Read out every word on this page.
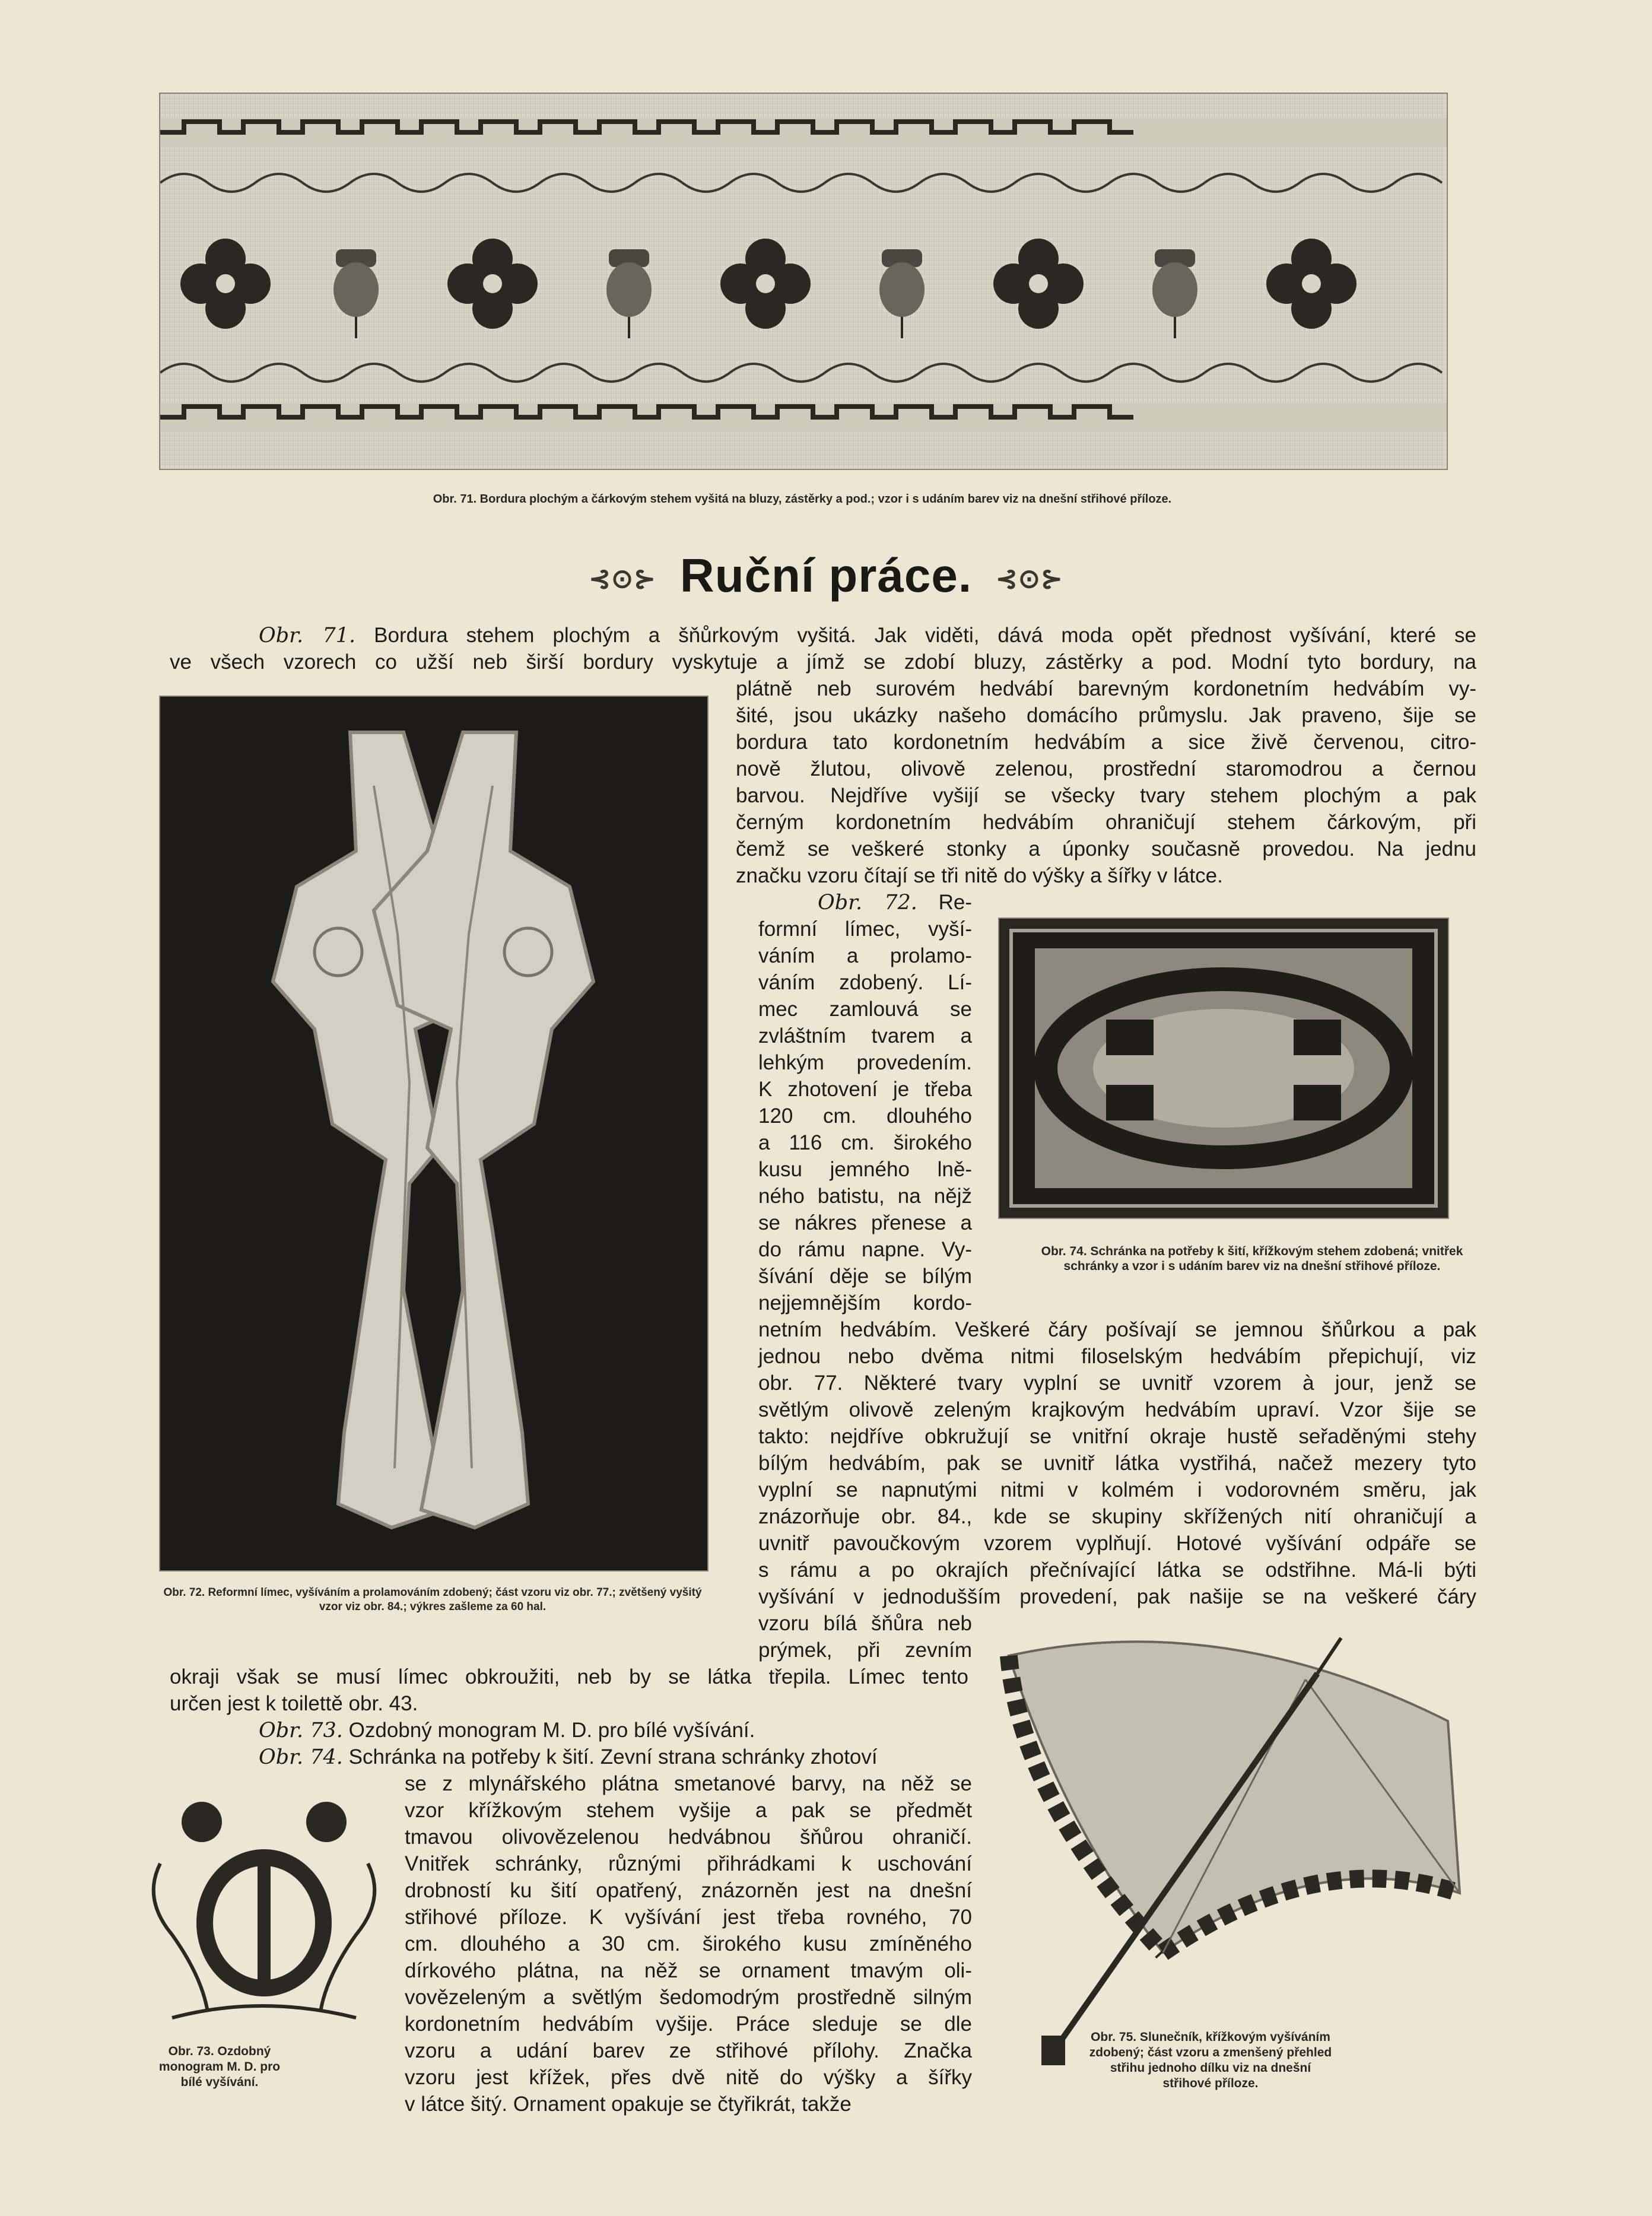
Obr. 71. Bordura plochým a čárkovým stehem vyšitá na bluzy, zástěrky a pod.; vzor i s udáním barev viz na dnešní střihové příloze.
⊰⊙⊱ Ruční práce. ⊰⊙⊱
Obr. 71. Bordura stehem plochým a šňůrkovým vyšitá. Jak viděti, dává moda opět přednost vyšívání, které se
ve všech vzorech co užší neb širší bordury vyskytuje a jímž se zdobí bluzy, zástěrky a pod. Modní tyto bordury, na
Obr. 72. Reformní límec, vyšíváním a prolamováním zdobený; část vzoru viz obr. 77.; zvětšený vyšitý vzor viz obr. 84.; výkres zašleme za 60 hal.
plátně neb surovém hedvábí barevným kordonetním hedvábím vy-
šité, jsou ukázky našeho domácího průmyslu. Jak praveno, šije se
bordura tato kordonetním hedvábím a sice živě červenou, citro-
nově žlutou, olivově zelenou, prostřední staromodrou a černou
barvou. Nejdříve vyšijí se všecky tvary stehem plochým a pak
černým kordonetním hedvábím ohraničují stehem čárkovým, při
čemž se veškeré stonky a úponky současně provedou. Na jednu
značku vzoru čítají se tři nitě do výšky a šířky v látce.
Obr. 72. Re-
formní límec, vyší-
váním a prolamo-
váním zdobený. Lí-
mec zamlouvá se
zvláštním tvarem a
lehkým provedením.
K zhotovení je třeba
120 cm. dlouhého
a 116 cm. širokého
kusu jemného lně-
ného batistu, na nějž
se nákres přenese a
do rámu napne. Vy-
šívání děje se bílým
nejjemnějším kordo-
Obr. 74. Schránka na potřeby k šití, křížkovým stehem zdobená; vnitřek schránky a vzor i s udáním barev viz na dnešní střihové příloze.
netním hedvábím. Veškeré čáry pošívají se jemnou šňůrkou a pak
jednou nebo dvěma nitmi filoselským hedvábím přepichují, viz
obr. 77. Některé tvary vyplní se uvnitř vzorem à jour, jenž se
světlým olivově zeleným krajkovým hedvábím upraví. Vzor šije se
takto: nejdříve obkružují se vnitřní okraje hustě seřaděnými stehy
bílým hedvábím, pak se uvnitř látka vystřihá, načež mezery tyto
vyplní se napnutými nitmi v kolmém i vodorovném směru, jak
znázorňuje obr. 84., kde se skupiny skřížených nití ohraničují a
uvnitř pavoučkovým vzorem vyplňují. Hotové vyšívání odpáře se
s rámu a po okrajích přečnívající látka se odstřihne. Má-li býti
vyšívání v jednodušším provedení, pak našije se na veškeré čáry
vzoru bílá šňůra neb
prýmek, při zevním
okraji však se musí límec obkroužiti, neb by se látka třepila. Límec tento
určen jest k toilettě obr. 43.
Obr. 73. Ozdobný monogram M. D. pro bílé vyšívání.
Obr. 74. Schránka na potřeby k šití. Zevní strana schránky zhotoví
se z mlynářského plátna smetanové barvy, na něž se
vzor křížkovým stehem vyšije a pak se předmět
tmavou olivovězelenou hedvábnou šňůrou ohraničí.
Vnitřek schránky, různými přihrádkami k uschování
drobností ku šití opatřený, znázorněn jest na dnešní
střihové příloze. K vyšívání jest třeba rovného, 70
cm. dlouhého a 30 cm. širokého kusu zmíněného
dírkového plátna, na něž se ornament tmavým oli-
vovězeleným a světlým šedomodrým prostředně silným
kordonetním hedvábím vyšije. Práce sleduje se dle
vzoru a udání barev ze střihové přílohy. Značka
vzoru jest křížek, přes dvě nitě do výšky a šířky
v látce šitý. Ornament opakuje se čtyřikrát, takže
Obr. 73. Ozdobný monogram M. D. pro bílé vyšívání.
Obr. 75. Slunečník, křížkovým vyšíváním zdobený; část vzoru a zmenšený přehled střihu jednoho dílku viz na dnešní střihové příloze.
